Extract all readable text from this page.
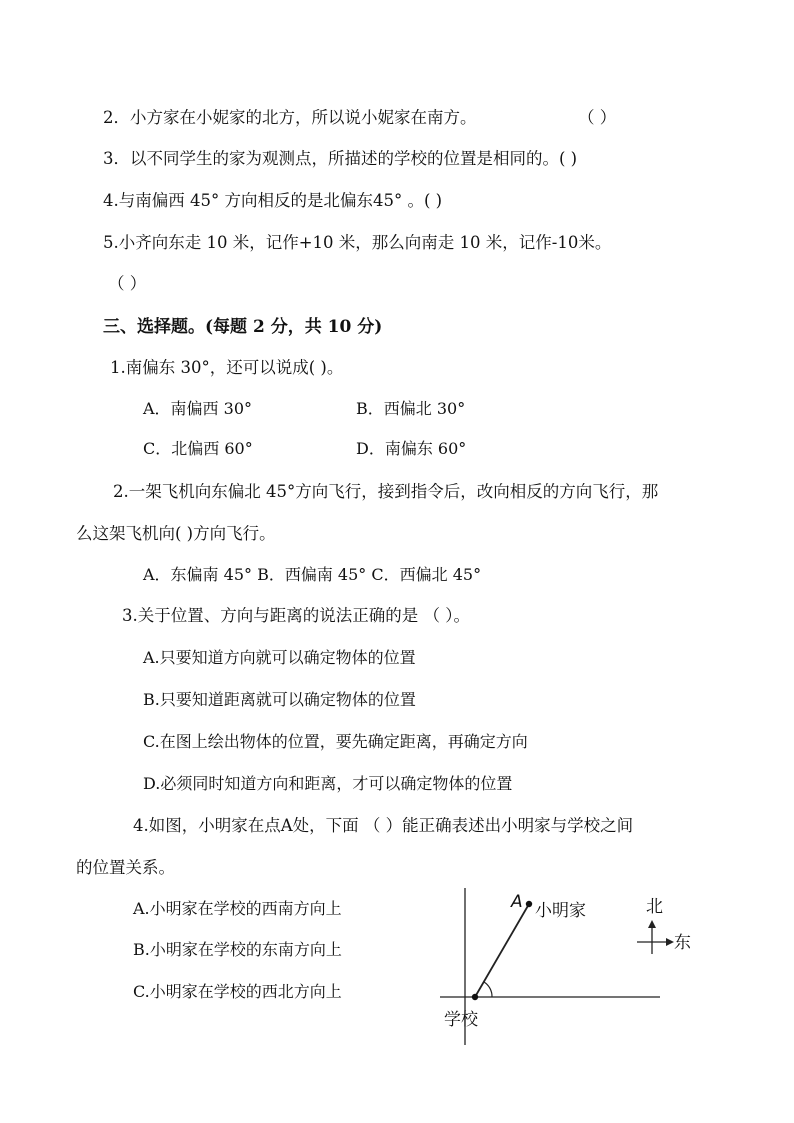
2．小方家在小妮家的北方，所以说小妮家在南方。	（ ）
3．以不同学生的家为观测点，所描述的学校的位置是相同的。( )
4.与南偏西 45° 方向相反的是北偏东45° 。( )
5.小齐向东走 10 米，记作+10 米，那么向南走 10 米，记作-10米。
（ ）
三、选择题。(每题 2 分，共 10 分)
1.南偏东 30°，还可以说成( )。
A．南偏西 30°	B．西偏北 30°
C．北偏西 60°	D．南偏东 60°
2.一架飞机向东偏北 45°方向飞行，接到指令后，改向相反的方向飞行，那
么这架飞机向( )方向飞行。
A．东偏南 45° B．西偏南 45° C．西偏北 45°
3.关于位置、方向与距离的说法正确的是 （ ）。
A.只要知道方向就可以确定物体的位置
B.只要知道距离就可以确定物体的位置
C.在图上绘出物体的位置，要先确定距离，再确定方向
D.必须同时知道方向和距离，才可以确定物体的位置
4.如图，小明家在点A处，下面 （ ）能正确表述出小明家与学校之间
的位置关系。
A.小明家在学校的西南方向上
B.小明家在学校的东南方向上
C.小明家在学校的西北方向上
A 小明家
学校
北
东
